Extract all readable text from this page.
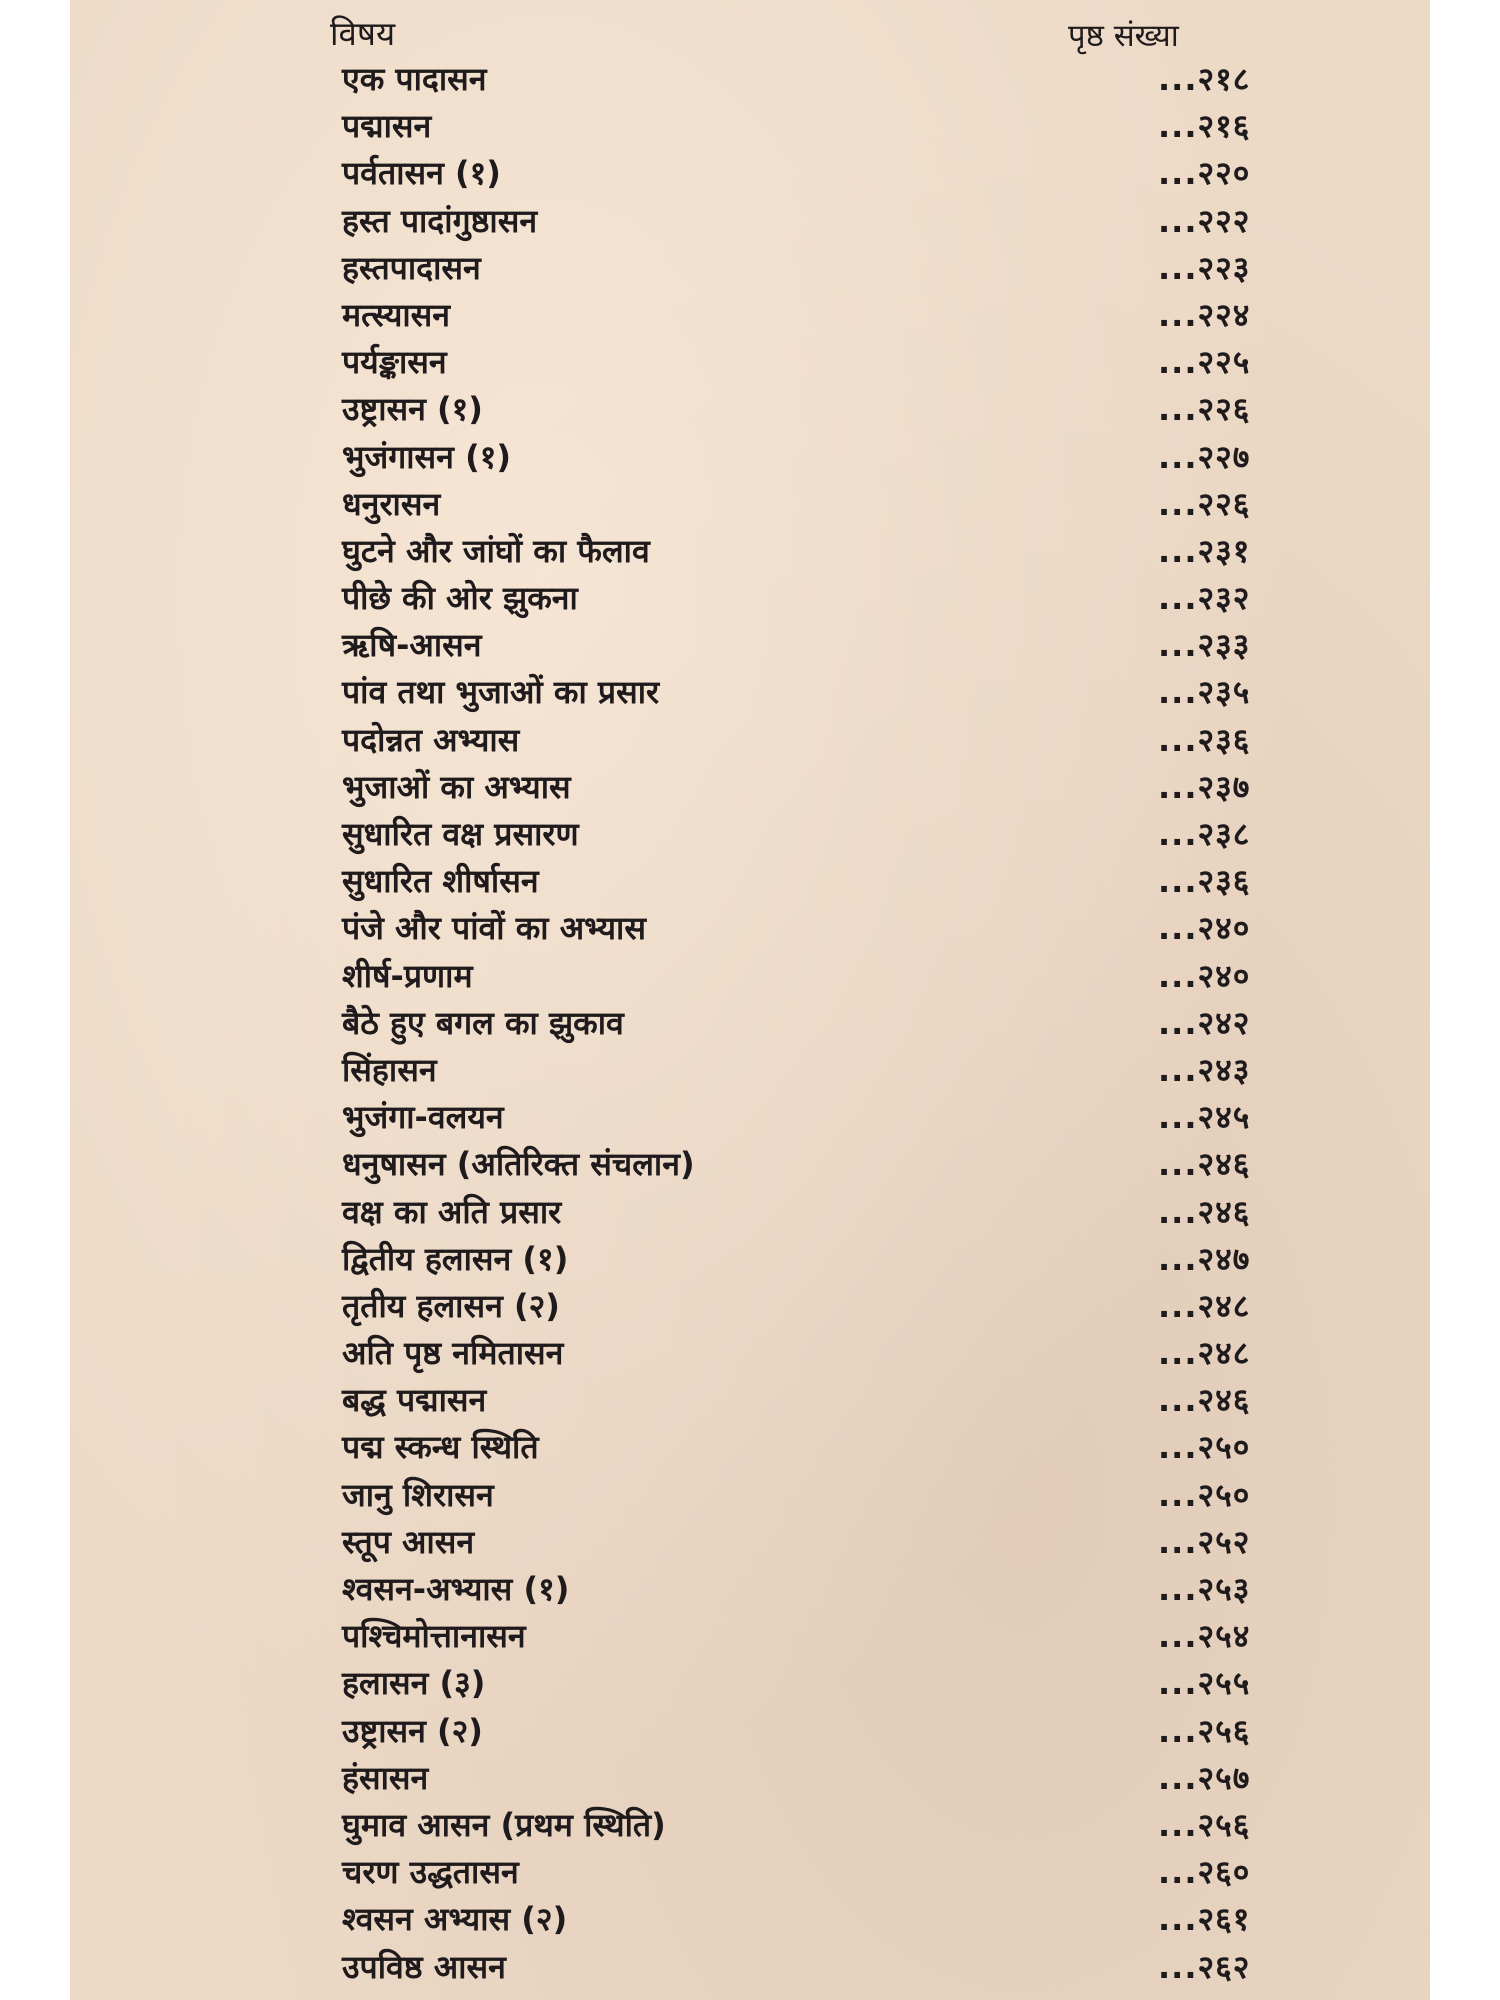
विषय	पृष्ठ संख्या
एक पादासन	...२१८
पद्मासन	...२१६
पर्वतासन (१)	...२२०
हस्त पादांगुष्ठासन	...२२२
हस्तपादासन	...२२३
मत्स्यासन	...२२४
पर्यङ्कासन	...२२५
उष्ट्रासन (१)	...२२६
भुजंगासन (१)	...२२७
धनुरासन	...२२६
घुटने और जांघों का फैलाव	...२३१
पीछे की ओर झुकना	...२३२
ऋषि-आसन	...२३३
पांव तथा भुजाओं का प्रसार	...२३५
पदोन्नत अभ्यास	...२३६
भुजाओं का अभ्यास	...२३७
सुधारित वक्ष प्रसारण	...२३८
सुधारित शीर्षासन	...२३६
पंजे और पांवों का अभ्यास	...२४०
शीर्ष-प्रणाम	...२४०
बैठे हुए बगल का झुकाव	...२४२
सिंहासन	...२४३
भुजंगा-वलयन	...२४५
धनुषासन (अतिरिक्त संचलान)	...२४६
वक्ष का अति प्रसार	...२४६
द्वितीय हलासन (१)	...२४७
तृतीय हलासन (२)	...२४८
अति पृष्ठ नमितासन	...२४८
बद्ध पद्मासन	...२४६
पद्म स्कन्ध स्थिति	...२५०
जानु शिरासन	...२५०
स्तूप आसन	...२५२
श्वसन-अभ्यास (१)	...२५३
पश्चिमोत्तानासन	...२५४
हलासन (३)	...२५५
उष्ट्रासन (२)	...२५६
हंसासन	...२५७
घुमाव आसन (प्रथम स्थिति)	...२५६
चरण उद्धतासन	...२६०
श्वसन अभ्यास (२)	...२६१
उपविष्ठ आसन	...२६२
